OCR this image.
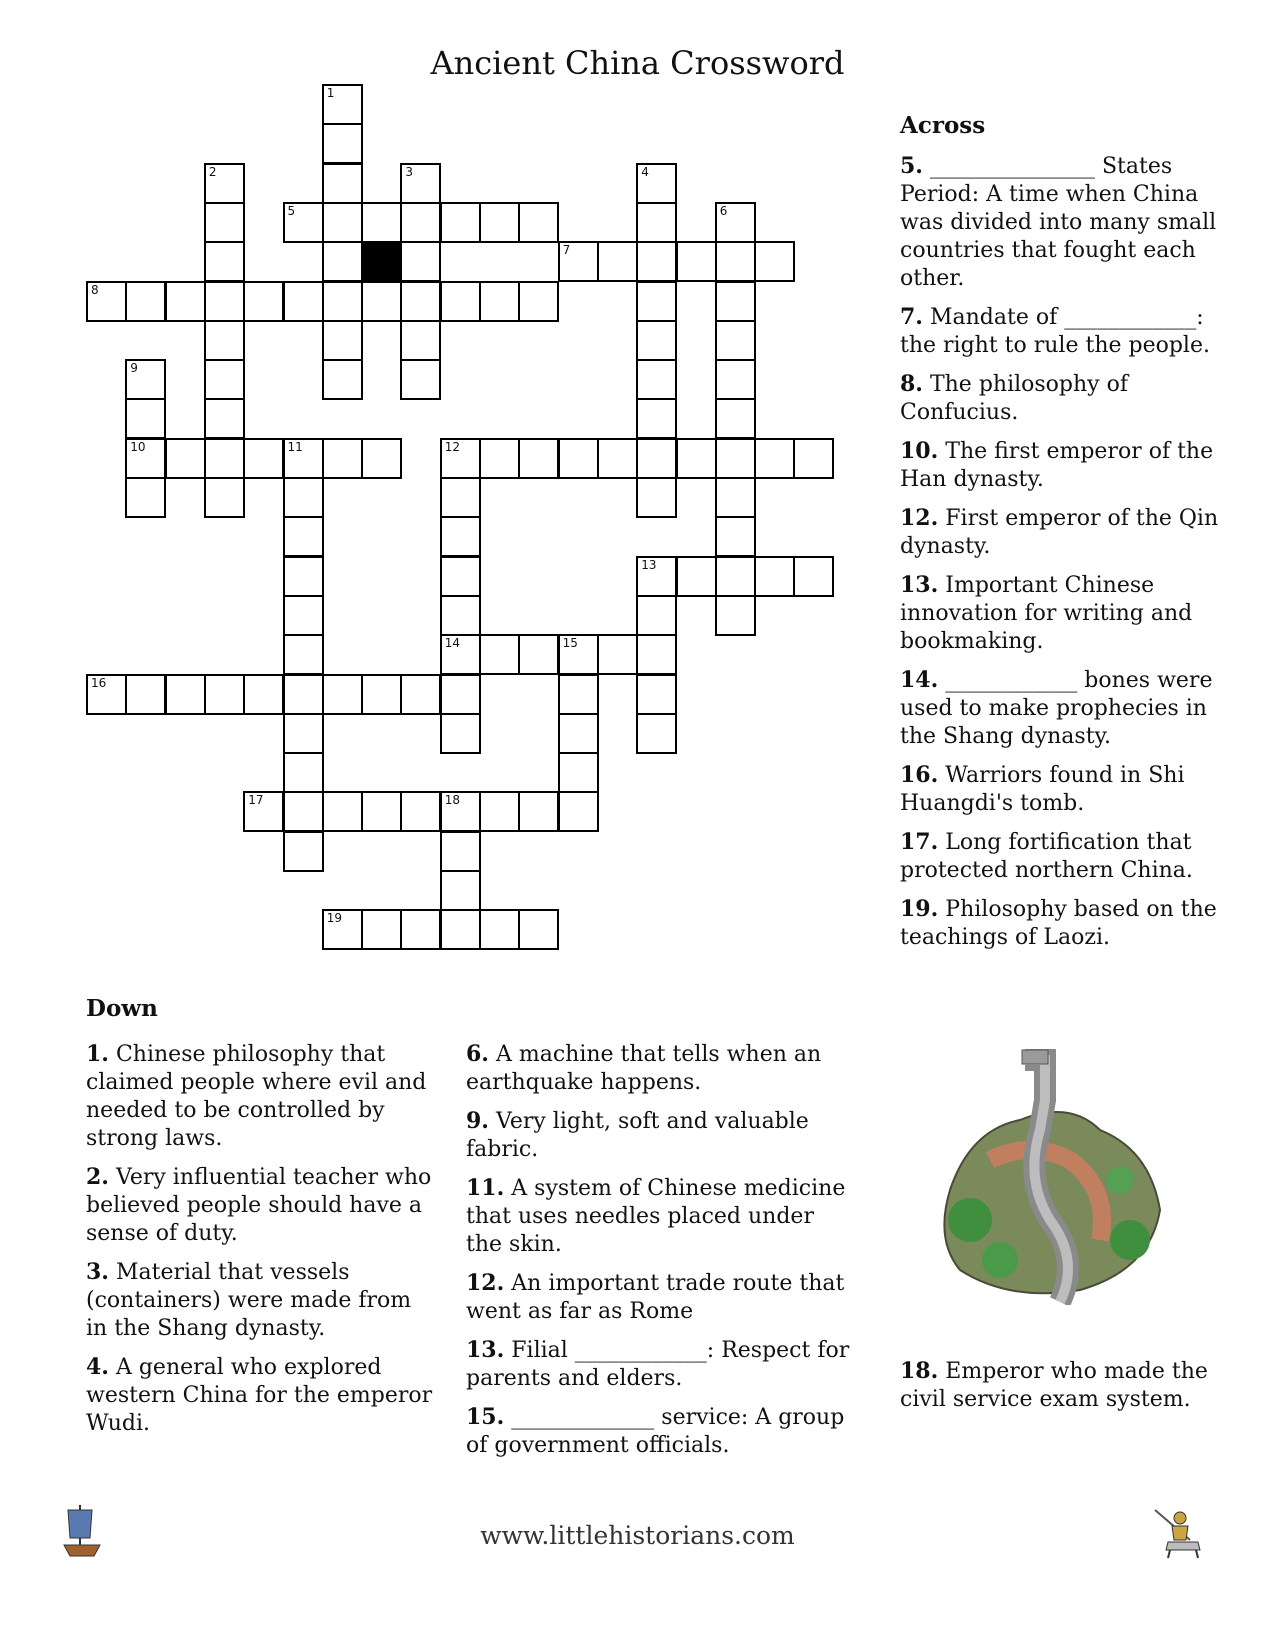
Ancient China Crossword
1
2	3	4
5	6
7
8
9
10	11	12
14
13
15
16
17	18
19
Across
5. _______________ States Period: A time when China was divided into many small countries that fought each other.
7. Mandate of ____________: the right to rule the people.
8. The philosophy of Confucius.
10. The first emperor of the Han dynasty.
12. First emperor of the Qin dynasty.
13. Important Chinese innovation for writing and bookmaking.
14. ____________ bones were used to make prophecies in the Shang dynasty.
16. Warriors found in Shi Huangdi's tomb.
17. Long fortification that protected northern China.
19. Philosophy based on the teachings of Laozi.
18. Emperor who made the civil service exam system.
Down
1. Chinese philosophy that claimed people where evil and needed to be controlled by strong laws.
2. Very influential teacher who believed people should have a sense of duty.
3. Material that vessels (containers) were made from in the Shang dynasty.
4. A general who explored western China for the emperor Wudi.
6. A machine that tells when an earthquake happens.
9. Very light, soft and valuable fabric.
11. A system of Chinese medicine that uses needles placed under the skin.
12. An important trade route that went as far as Rome
13. Filial ____________: Respect for parents and elders.
15. _____________ service: A group of government officials.
www.littlehistorians.com
